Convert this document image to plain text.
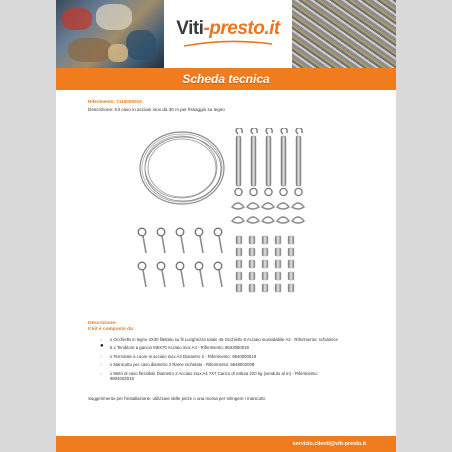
Viti-presto.it
Scheda tecnica
Riferimento: 7115000019
Descrizione: Kit cavo in acciaio inox da 30 m per fissaggio su legno
Descrizione:
Il kit è composto da:
○ x Occhiello in legno 4X30 filettato su fil Lunghezza totale 45 Occhiello 8 Acciaio inossidabile A2 - Riferimento: schiarisce
● 5 x Tenditore a gancio M5X70 Acciaio inox A4 - Riferimento: 9633050019
○ x Terminale a cuore in acciaio inox A4 Diametro 2 - Riferimento: 9640000019
○ x Manicotto per cavo diametro 2 Rame nichelato - Riferimento: 9648002008
○ x Metri di cavo flessibile Diametro 2 Acciaio inox A4 7X7 Carico di rottura 220 kg (venduto al m) - Riferimento: 9804002018
Suggerimento per l'installazione: utilizzare delle pinze o una morsa per stringere i manicotti.
servizio.clienti@viti-presto.it
